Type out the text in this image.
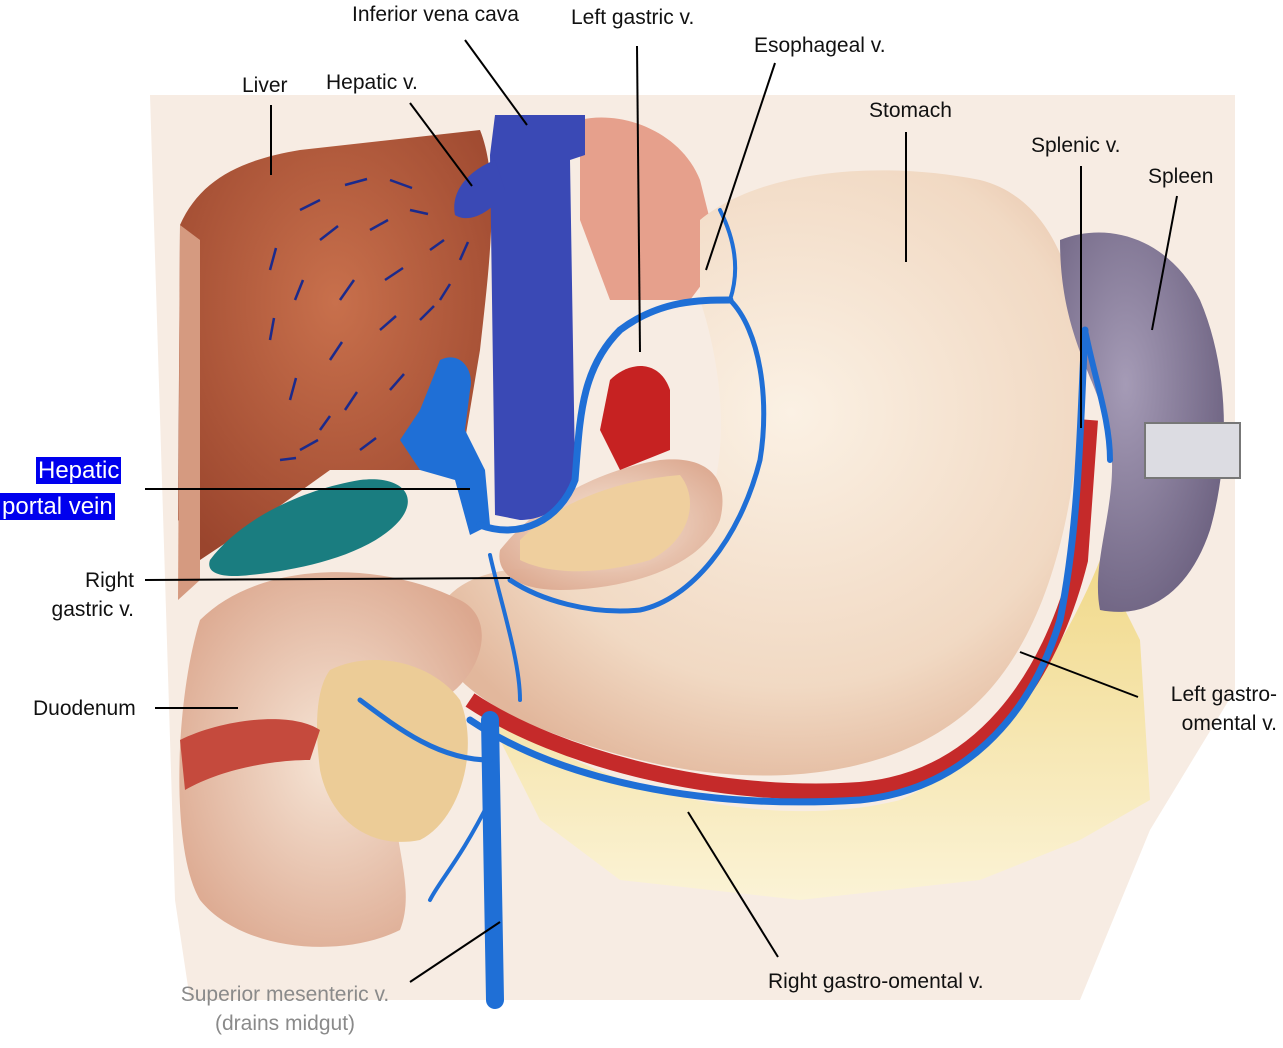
Inferior vena cava Left gastric v.
Esophageal v.
Liver Hepatic v.
Stomach
Splenic v.
Spleen
Hepatic
portal vein
Right
gastric v.
Duodenum
Left gastro-
omental v.
Right gastro-omental v.
Superior mesenteric v.
(drains midgut)
